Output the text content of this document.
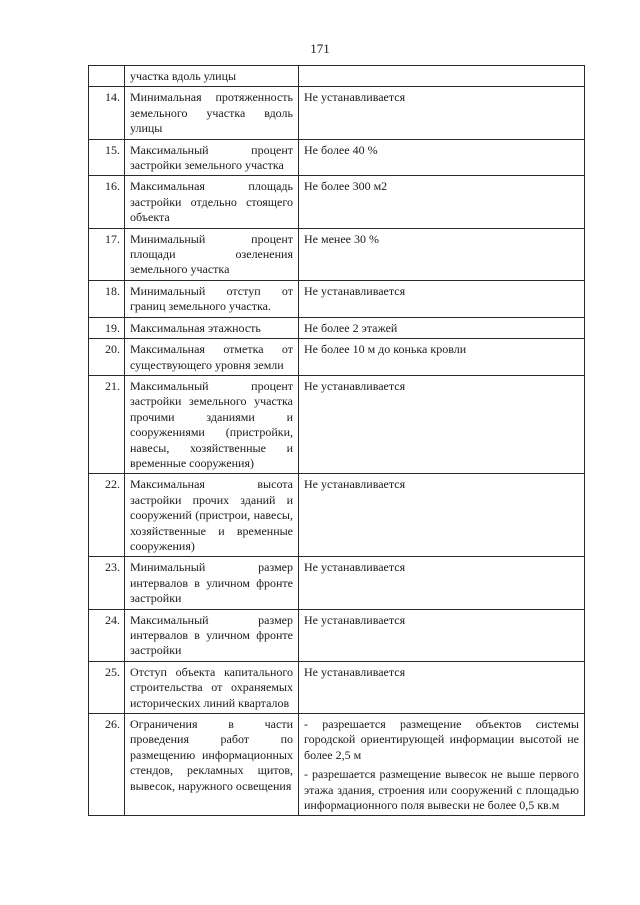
171
	участка вдоль улицы	
14.	Минимальная протяженность земельного участка вдоль улицы	Не устанавливается
15.	Максимальный процент застройки земельного участка	Не более 40 %
16.	Максимальная площадь застройки отдельно стоящего объекта	Не более 300 м2
17.	Минимальный процент площади озеленения земельного участка	Не менее 30 %
18.	Минимальный отступ от границ земельного участка.	Не устанавливается
19.	Максимальная этажность	Не более 2 этажей
20.	Максимальная отметка от существующего уровня земли	Не более 10 м до конька кровли
21.	Максимальный процент застройки земельного участка прочими зданиями и сооружениями (пристройки, навесы, хозяйственные и временные сооружения)	Не устанавливается
22.	Максимальная высота застройки прочих зданий и сооружений (пристрои, навесы, хозяйственные и временные сооружения)	Не устанавливается
23.	Минимальный размер интервалов в уличном фронте застройки	Не устанавливается
24.	Максимальный размер интервалов в уличном фронте застройки	Не устанавливается
25.	Отступ объекта капитального строительства от охраняемых исторических линий кварталов	Не устанавливается
26.	Ограничения в части проведения работ по размещению информационных стендов, рекламных щитов, вывесок, наружного освещения	- разрешается размещение объектов системы городской ориентирующей информации высотой не более 2,5 м
- разрешается размещение вывесок не выше первого этажа здания, строения или сооружений с площадью информационного поля вывески не более 0,5 кв.м
